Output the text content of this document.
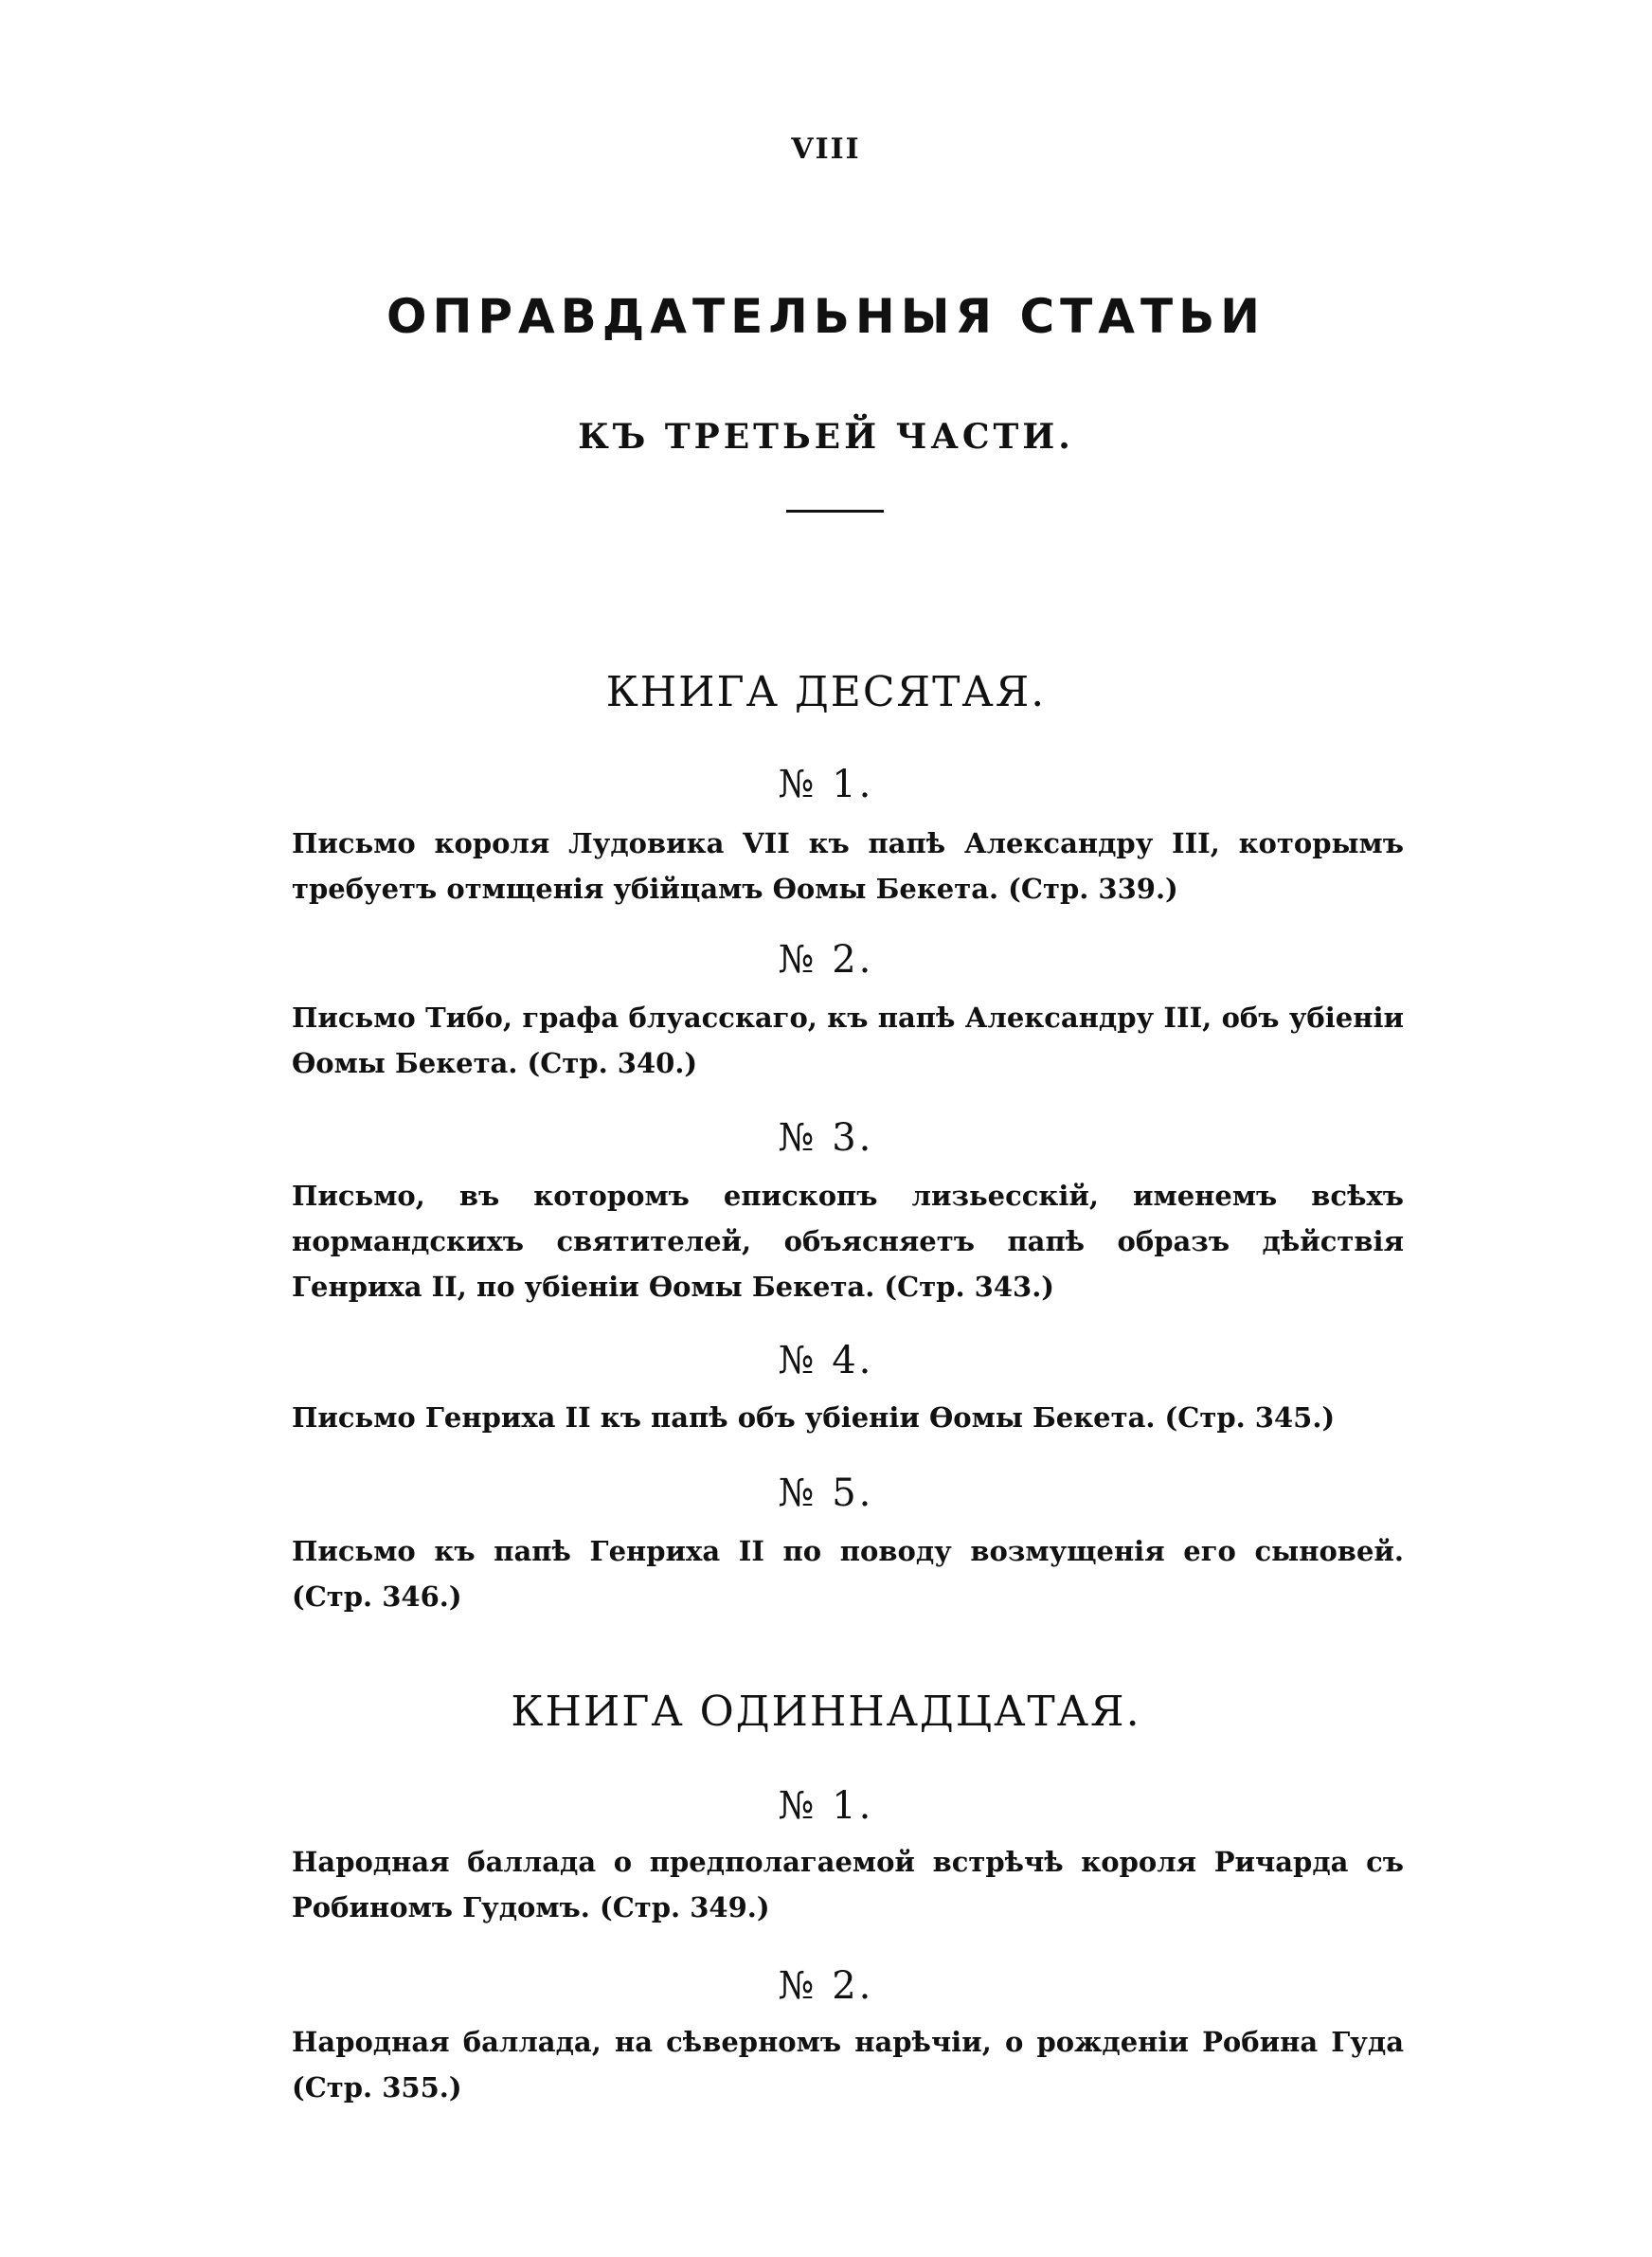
VIII
ОПРАВДАТЕЛЬНЫЯ СТАТЬИ
КЪ ТРЕТЬЕЙ ЧАСТИ.
КНИГА ДЕСЯТАЯ.
№ 1.
Письмо короля Лудовика VII къ папѣ Александру III, которымъ требуетъ отмщенія убійцамъ Ѳомы Бекета. (Стр. 339.)
№ 2.
Письмо Тибо, графа блуасскаго, къ папѣ Александру III, объ убіеніи Ѳомы Бекета. (Стр. 340.)
№ 3.
Письмо, въ которомъ епископъ лизьесскій, именемъ всѣхъ нормандскихъ святителей, объясняетъ папѣ образъ дѣйствія Генриха II, по убіеніи Ѳомы Бекета. (Стр. 343.)
№ 4.
Письмо Генриха II къ папѣ объ убіеніи Ѳомы Бекета. (Стр. 345.)
№ 5.
Письмо къ папѣ Генриха II по поводу возмущенія его сыновей. (Стр. 346.)
КНИГА ОДИННАДЦАТАЯ.
№ 1.
Народная баллада о предполагаемой встрѣчѣ короля Ричарда съ Робиномъ Гудомъ. (Стр. 349.)
№ 2.
Народная баллада, на сѣверномъ нарѣчіи, о рожденіи Робина Гуда (Стр. 355.)
